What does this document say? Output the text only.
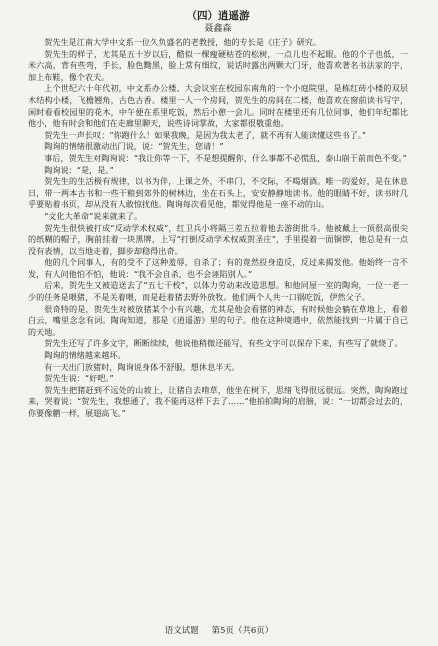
（四）逍遥游
聂鑫森

贺先生是江南大学中文系一位久负盛名的老教授，他的专长是《庄子》研究。

贺先生的样子，尤其是五十岁以后，酷似一棵瘦硬枯苍的松树，一点儿也不起眼。他的个子也低，一米六高，背有些弯，手长，脸色黝黑，脸上常有细纹，说话时露出两颗大门牙，他喜欢著名书法家的字，加上布鞋，像个农夫。

上个世纪六十年代初，中文系办公楼、大会议室在校园东南角的一个小庭院里，是栋红砖小楼的双层木结构小楼，飞檐翘角，古色古香。楼里一人一个房间，贺先生的房间在二楼，他喜欢在窗前读书写字，闲时看看校园里的花木，中午便在系里吃饭，然后小憩一会儿。同时在楼里还有几位同事，他们年纪都比他小，他有时会和他们在走廊里聊天，说些诗词掌故，大家都很敬重他。

贺先生一声长叹：“你跑什么！如果我晚，是因为我太老了，就不再有人能读懂这些书了。”

陶询的情绪很激动出门说，说：“贺先生，您请！”

事后，贺先生对陶询说：“我让你等一下，不是想提醒你，什么事都不必慌乱，泰山崩于前而色不变。”

陶询说：“是，是。”

贺先生的生活极有规律，以书为伴，上课之外，不串门，不交际，不喝烟酒。唯一的爱好，是在休息日，带一两本古书和一些干粮到郊外的树林边，坐在石头上，安安静静地读书。他的眼睛不好，读书时几乎要贴着书页，却从没有人敢惊扰他。陶询每次看见他，都觉得他是一座不动的山。

“文化大革命”说来就来了。

贺先生很快被打成“反动学术权威”，红卫兵小将隔三差五拉着他去游街批斗。他被戴上一顶很高很尖的纸糊的帽子，胸前挂着一块黑牌，上写“打倒反动学术权威贺圣庄”，手里提着一面铜锣，他总是有一点没有表情，以当地走着，脚步却稳得出奇。

他的几个同事人，有的受不了这种羞辱，自杀了；有的竟然投身造反，反过来揭发他。他始终一言不发，有人问他怕不怕，他说：“我不会自杀，也不会诬陷别人。”

后来，贺先生又被造送去了“五七干校”，以体力劳动来改造思想。和他同屋一室的陶询，一位一老一少的任务是喂猪，不是关着喂，而是赶着猪去野外放牧。他们两个人共一口锅吃饭，伊然父子。

很奇特的是，贺先生对被放猪某个小有兴趣，尤其是他会看猪的神态，有时候他会躺在草地上，看着白云，嘴里念念有词。陶询知道，那是《逍遥游》里的句子。他在这种境遇中，依然能找到一片属于自己的天地。

贺先生还写了许多文字，断断续续，他说他稍微还能写，有些文字可以保存下来，有些写了就烧了。

陶询的情绪越来越坏。

有一天出门放猪时，陶询说身体不舒服，想休息半天。

贺先生说：“好吧。”

贺先生把猪赶到不远处的山坡上，让猪自去啃草，他坐在树下，思绪飞得很远很远。突然，陶询跑过来，哭着说：“贺先生，我想通了，我不能再这样下去了……”他拍拍陶询的肩膀，说：“一切都会过去的，你要像鹏一样，展翅高飞。”

语文试题 第5页（共6页）
